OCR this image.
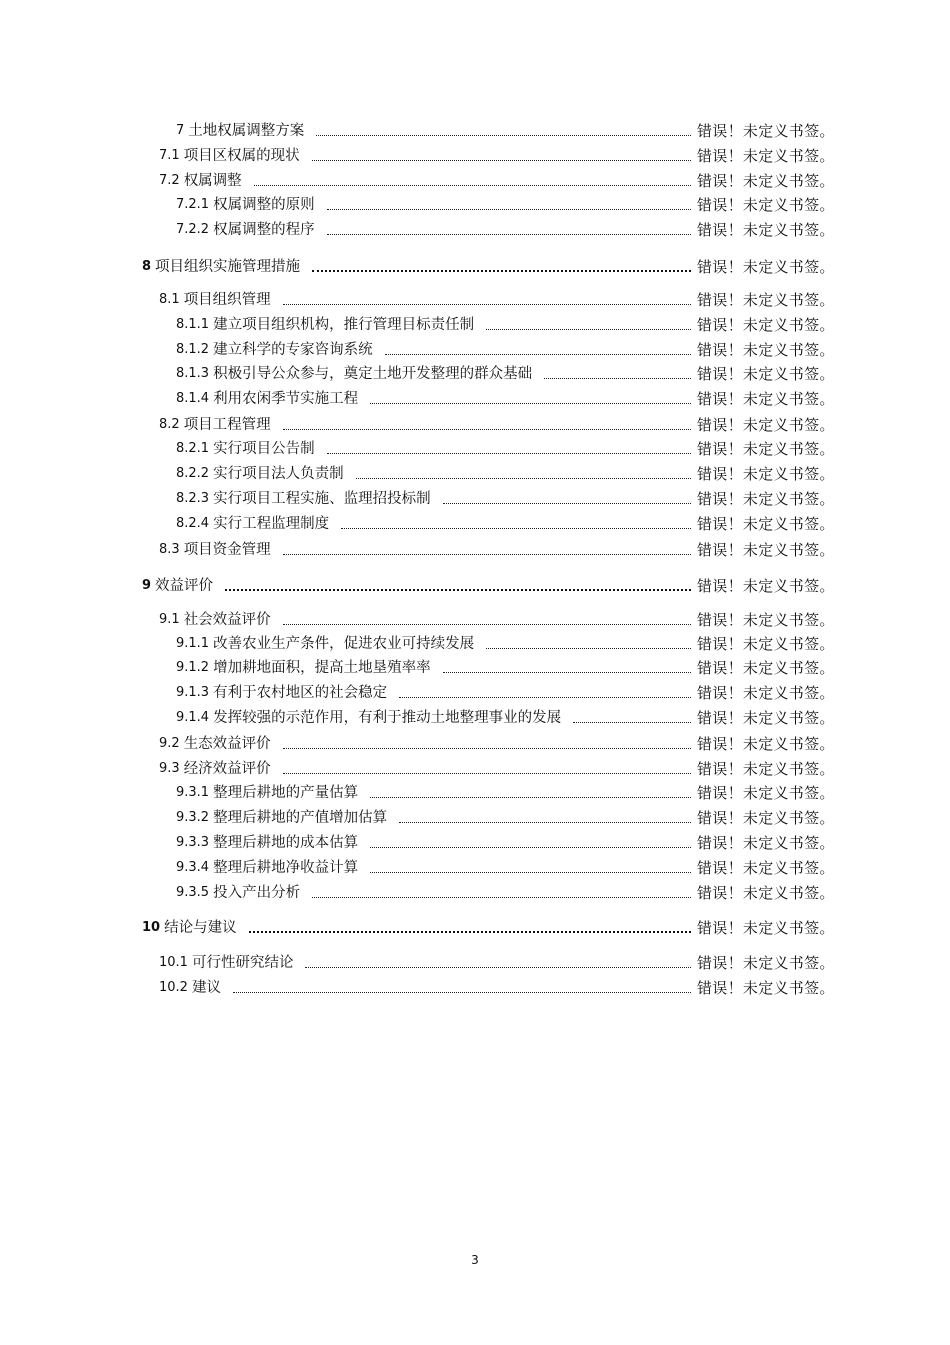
7 土地权属调整方案	错误！未定义书签。
7.1 项目区权属的现状	错误！未定义书签。
7.2 权属调整	错误！未定义书签。
7.2.1 权属调整的原则	错误！未定义书签。
7.2.2 权属调整的程序	错误！未定义书签。
8 项目组织实施管理措施	错误！未定义书签。
8.1 项目组织管理	错误！未定义书签。
8.1.1 建立项目组织机构，推行管理目标责任制	错误！未定义书签。
8.1.2 建立科学的专家咨询系统	错误！未定义书签。
8.1.3 积极引导公众参与，奠定土地开发整理的群众基础	错误！未定义书签。
8.1.4 利用农闲季节实施工程	错误！未定义书签。
8.2 项目工程管理	错误！未定义书签。
8.2.1 实行项目公告制	错误！未定义书签。
8.2.2 实行项目法人负责制	错误！未定义书签。
8.2.3 实行项目工程实施、监理招投标制	错误！未定义书签。
8.2.4 实行工程监理制度	错误！未定义书签。
8.3 项目资金管理	错误！未定义书签。
9 效益评价	错误！未定义书签。
9.1 社会效益评价	错误！未定义书签。
9.1.1 改善农业生产条件，促进农业可持续发展	错误！未定义书签。
9.1.2 增加耕地面积，提高土地垦殖率率	错误！未定义书签。
9.1.3 有利于农村地区的社会稳定	错误！未定义书签。
9.1.4 发挥较强的示范作用，有利于推动土地整理事业的发展	错误！未定义书签。
9.2 生态效益评价	错误！未定义书签。
9.3 经济效益评价	错误！未定义书签。
9.3.1 整理后耕地的产量估算	错误！未定义书签。
9.3.2 整理后耕地的产值增加估算	错误！未定义书签。
9.3.3 整理后耕地的成本估算	错误！未定义书签。
9.3.4 整理后耕地净收益计算	错误！未定义书签。
9.3.5 投入产出分析	错误！未定义书签。
10 结论与建议	错误！未定义书签。
10.1 可行性研究结论	错误！未定义书签。
10.2 建议	错误！未定义书签。
3
